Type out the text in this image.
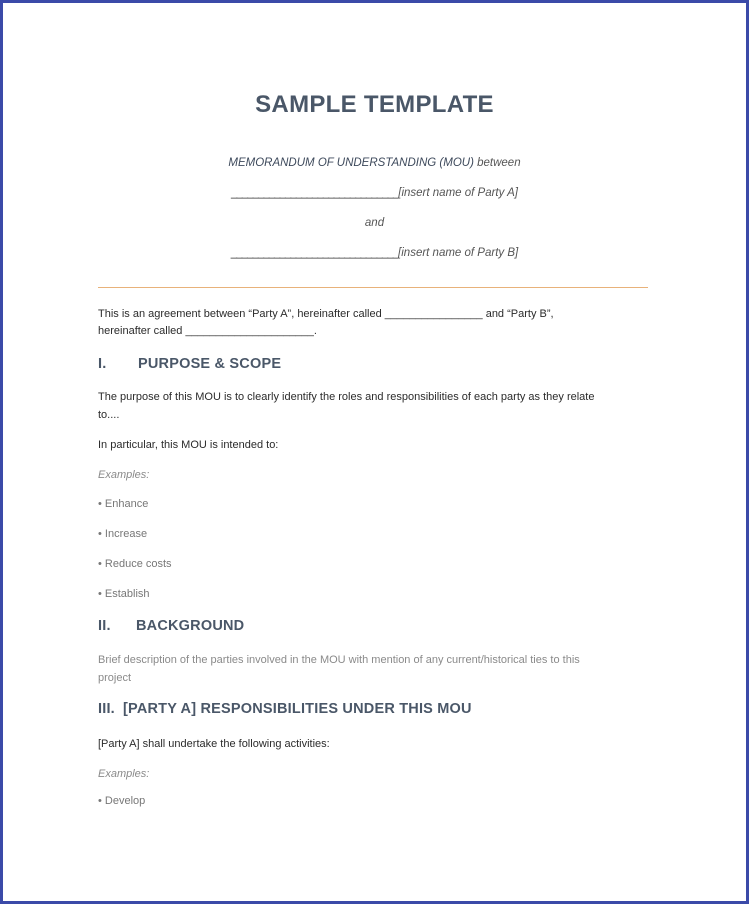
SAMPLE TEMPLATE
MEMORANDUM OF UNDERSTANDING (MOU) between
_______________________________[insert name of Party A]
and
_______________________________[insert name of Party B]
This is an agreement between “Party A”, hereinafter called ________________ and “Party B”,
hereinafter called _____________________.
I. PURPOSE & SCOPE
The purpose of this MOU is to clearly identify the roles and responsibilities of each party as they relate
to....
In particular, this MOU is intended to:
Examples:
• Enhance
• Increase
• Reduce costs
• Establish
II. BACKGROUND
Brief description of the parties involved in the MOU with mention of any current/historical ties to this
project
III. [PARTY A] RESPONSIBILITIES UNDER THIS MOU
[Party A] shall undertake the following activities:
Examples:
• Develop
